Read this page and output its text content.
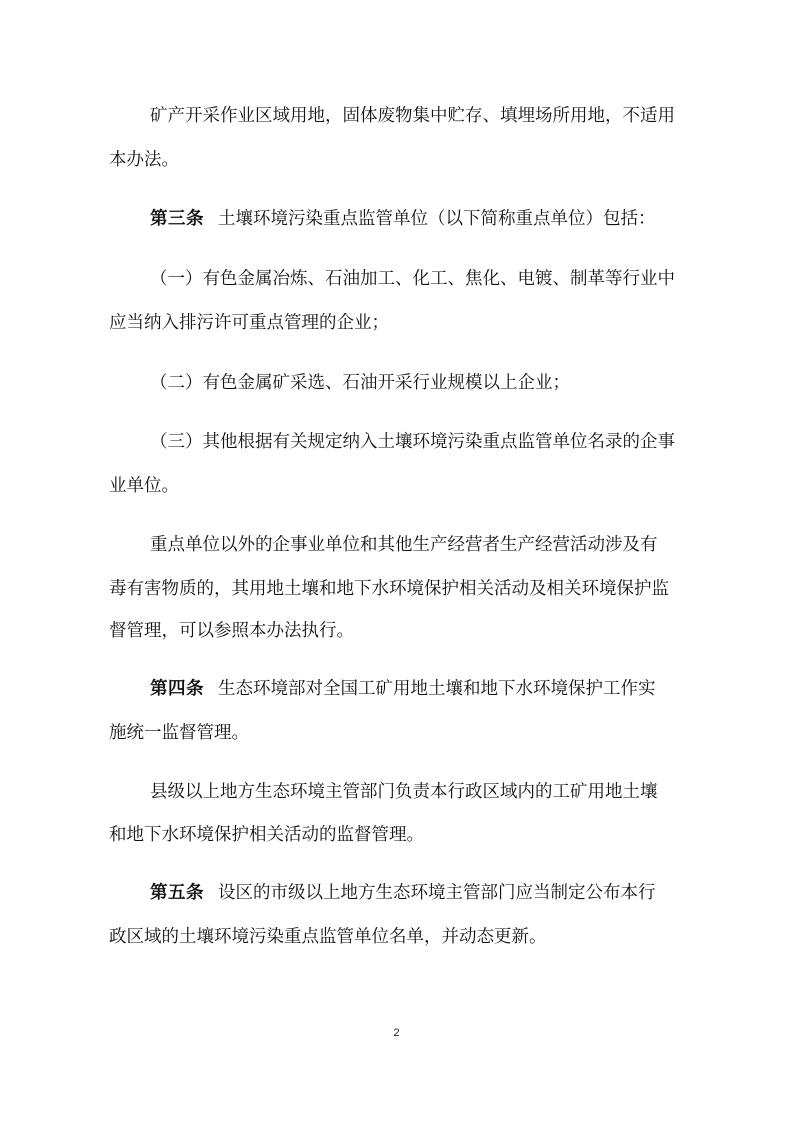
矿产开采作业区域用地，固体废物集中贮存、填埋场所用地，不适用

本办法。

第三条 土壤环境污染重点监管单位（以下简称重点单位）包括：

（一）有色金属冶炼、石油加工、化工、焦化、电镀、制革等行业中

应当纳入排污许可重点管理的企业；

（二）有色金属矿采选、石油开采行业规模以上企业；

（三）其他根据有关规定纳入土壤环境污染重点监管单位名录的企事

业单位。

重点单位以外的企事业单位和其他生产经营者生产经营活动涉及有

毒有害物质的，其用地土壤和地下水环境保护相关活动及相关环境保护监

督管理，可以参照本办法执行。

第四条 生态环境部对全国工矿用地土壤和地下水环境保护工作实

施统一监督管理。

县级以上地方生态环境主管部门负责本行政区域内的工矿用地土壤

和地下水环境保护相关活动的监督管理。

第五条 设区的市级以上地方生态环境主管部门应当制定公布本行

政区域的土壤环境污染重点监管单位名单，并动态更新。

2
